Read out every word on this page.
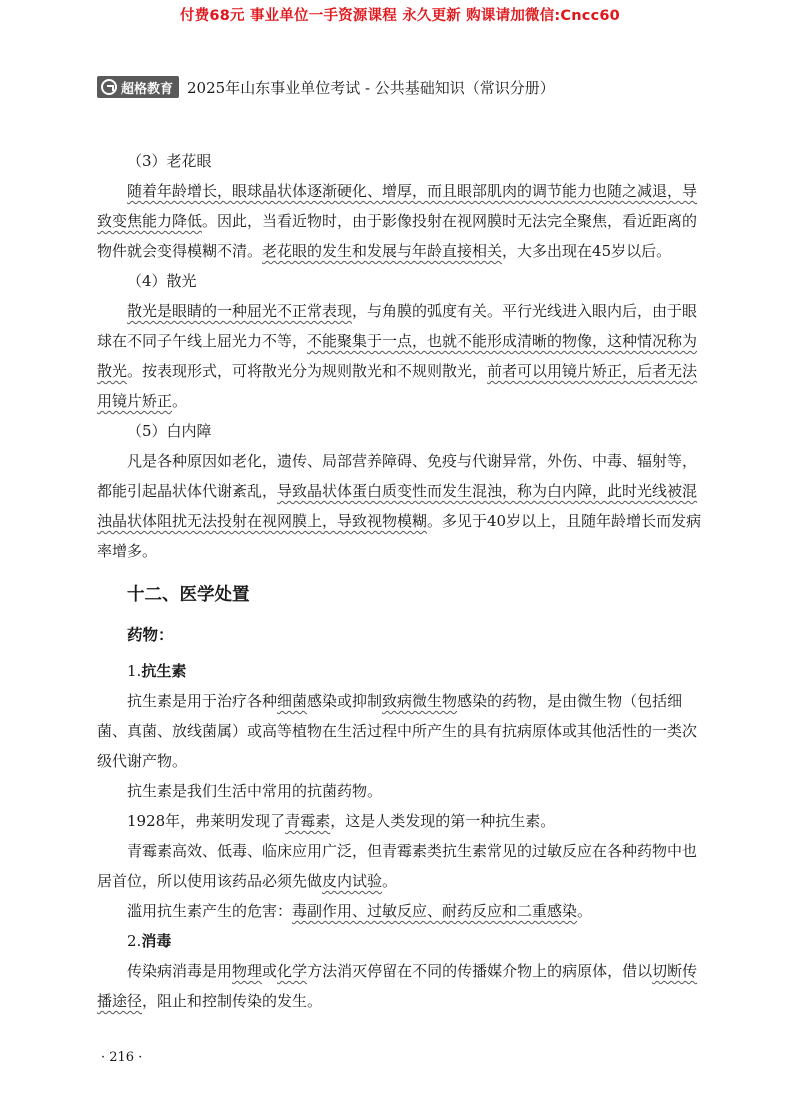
付费68元 事业单位一手资源课程 永久更新 购课请加微信:Cncc60
超格教育 2025年山东事业单位考试 - 公共基础知识（常识分册）

（3）老花眼

随着年龄增长，眼球晶状体逐渐硬化、增厚，而且眼部肌肉的调节能力也随之减退，导致变焦能力降低。因此，当看近物时，由于影像投射在视网膜时无法完全聚焦，看近距离的物件就会变得模糊不清。老花眼的发生和发展与年龄直接相关，大多出现在45岁以后。

（4）散光

散光是眼睛的一种屈光不正常表现，与角膜的弧度有关。平行光线进入眼内后，由于眼球在不同子午线上屈光力不等，不能聚集于一点，也就不能形成清晰的物像，这种情况称为散光。按表现形式，可将散光分为规则散光和不规则散光，前者可以用镜片矫正，后者无法用镜片矫正。

（5）白内障

凡是各种原因如老化，遗传、局部营养障碍、免疫与代谢异常，外伤、中毒、辐射等，都能引起晶状体代谢紊乱，导致晶状体蛋白质变性而发生混浊，称为白内障，此时光线被混浊晶状体阻扰无法投射在视网膜上，导致视物模糊。多见于40岁以上，且随年龄增长而发病率增多。

十二、医学处置
药物：

1.抗生素

抗生素是用于治疗各种细菌感染或抑制致病微生物感染的药物，是由微生物（包括细菌、真菌、放线菌属）或高等植物在生活过程中所产生的具有抗病原体或其他活性的一类次级代谢产物。

抗生素是我们生活中常用的抗菌药物。

1928年，弗莱明发现了青霉素，这是人类发现的第一种抗生素。

青霉素高效、低毒、临床应用广泛，但青霉素类抗生素常见的过敏反应在各种药物中也居首位，所以使用该药品必须先做皮内试验。

滥用抗生素产生的危害：毒副作用、过敏反应、耐药反应和二重感染。

2.消毒

传染病消毒是用物理或化学方法消灭停留在不同的传播媒介物上的病原体，借以切断传播途径，阻止和控制传染的发生。

· 216 ·
